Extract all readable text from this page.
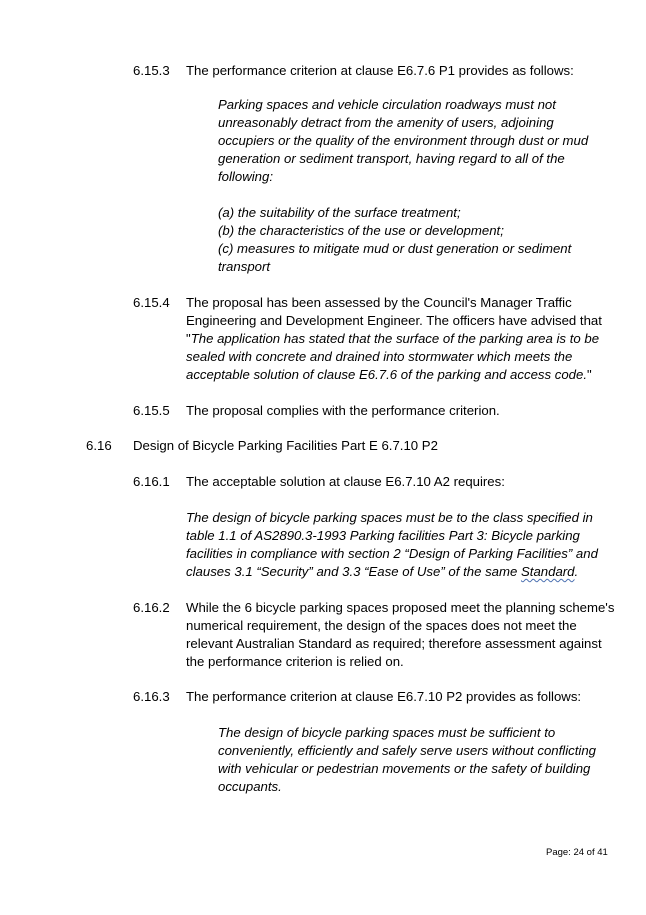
6.15.3 The performance criterion at clause E6.7.6 P1 provides as follows:
Parking spaces and vehicle circulation roadways must not
unreasonably detract from the amenity of users, adjoining
occupiers or the quality of the environment through dust or mud
generation or sediment transport, having regard to all of the
following:
(a) the suitability of the surface treatment;
(b) the characteristics of the use or development;
(c) measures to mitigate mud or dust generation or sediment
transport
6.15.4 The proposal has been assessed by the Council's Manager Traffic
Engineering and Development Engineer. The officers have advised that
"The application has stated that the surface of the parking area is to be
sealed with concrete and drained into stormwater which meets the
acceptable solution of clause E6.7.6 of the parking and access code."
6.15.5 The proposal complies with the performance criterion.
6.16 Design of Bicycle Parking Facilities Part E 6.7.10 P2
6.16.1 The acceptable solution at clause E6.7.10 A2 requires:
The design of bicycle parking spaces must be to the class specified in
table 1.1 of AS2890.3-1993 Parking facilities Part 3: Bicycle parking
facilities in compliance with section 2 “Design of Parking Facilities” and
clauses 3.1 “Security” and 3.3 “Ease of Use” of the same Standard.
6.16.2 While the 6 bicycle parking spaces proposed meet the planning scheme's
numerical requirement, the design of the spaces does not meet the
relevant Australian Standard as required; therefore assessment against
the performance criterion is relied on.
6.16.3 The performance criterion at clause E6.7.10 P2 provides as follows:
The design of bicycle parking spaces must be sufficient to
conveniently, efficiently and safely serve users without conflicting
with vehicular or pedestrian movements or the safety of building
occupants.
Page: 24 of 41
